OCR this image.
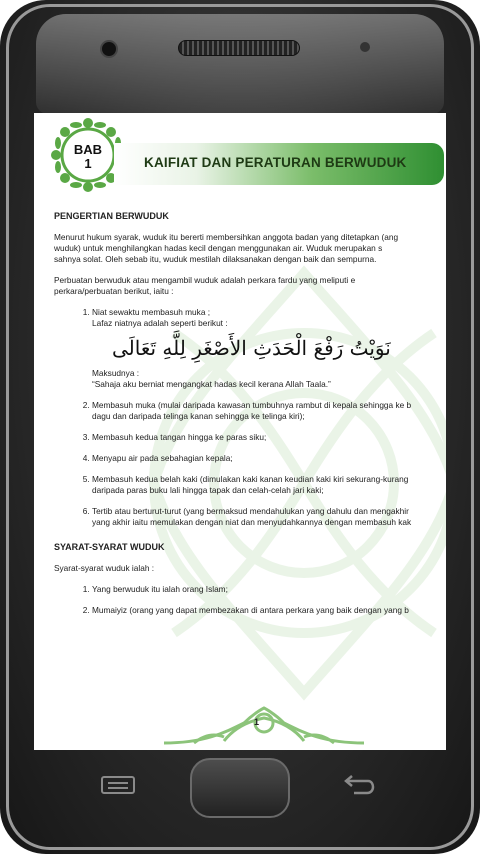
BAB
1	KAIFIAT DAN PERATURAN BERWUDUK
PENGERTIAN BERWUDUK
Menurut hukum syarak, wuduk itu bererti membersihkan anggota badan yang ditetapkan (ang
wuduk) untuk menghilangkan hadas kecil dengan menggunakan air. Wuduk merupakan s
sahnya solat. Oleh sebab itu, wuduk mestilah dilaksanakan dengan baik dan sempurna.
Perbuatan berwuduk atau mengambil wuduk adalah perkara fardu yang meliputi e
perkara/perbuatan berikut, iaitu :
1. Niat sewaktu membasuh muka ;
Lafaz niatnya adalah seperti berikut :
نَوَيْتُ رَفْعَ الْحَدَثِ الأَصْغَرِ لِلَّهِ تَعَالَى
Maksudnya :
“Sahaja aku berniat mengangkat hadas kecil kerana Allah Taala.”
2. Membasuh muka (mulai daripada kawasan tumbuhnya rambut di kepala sehingga ke b
dagu dan daripada telinga kanan sehingga ke telinga kiri);
3. Membasuh kedua tangan hingga ke paras siku;
4. Menyapu air pada sebahagian kepala;
5. Membasuh kedua belah kaki (dimulakan kaki kanan keudian kaki kiri sekurang-kurang
daripada paras buku lali hingga tapak dan celah-celah jari kaki;
6. Tertib atau berturut-turut (yang bermaksud mendahulukan yang dahulu dan mengakhir
yang akhir iaitu memulakan dengan niat dan menyudahkannya dengan membasuh kak
SYARAT-SYARAT WUDUK
Syarat-syarat wuduk ialah :
1. Yang berwuduk itu ialah orang Islam;
2. Mumaiyiz (orang yang dapat membezakan di antara perkara yang baik dengan yang b
1
